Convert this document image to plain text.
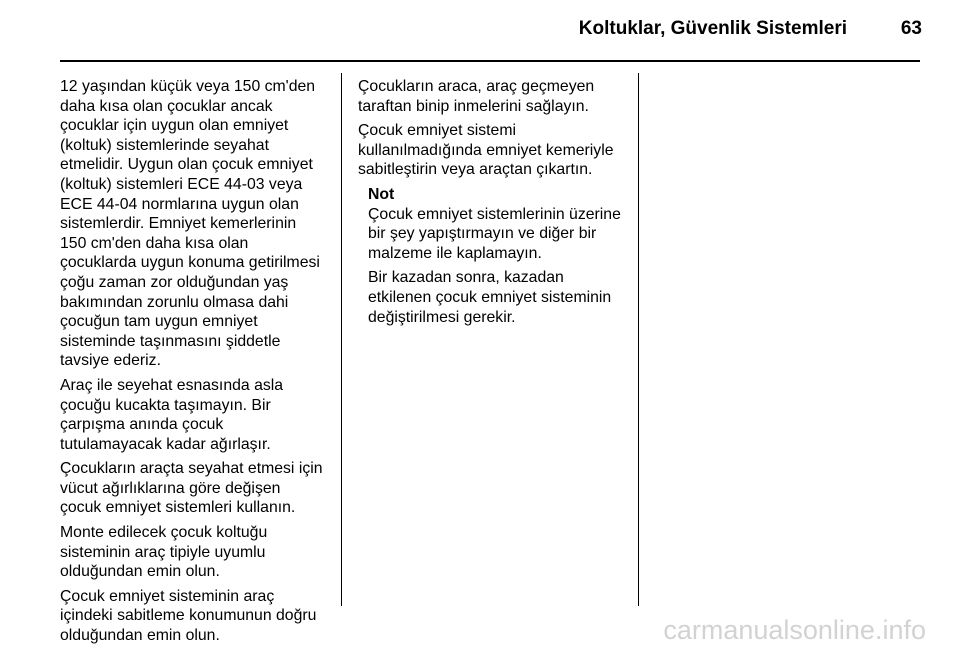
Koltuklar, Güvenlik Sistemleri	63

12 yaşından küçük veya 150 cm'den
daha kısa olan çocuklar ancak
çocuklar için uygun olan emniyet
(koltuk) sistemlerinde seyahat
etmelidir. Uygun olan çocuk emniyet
(koltuk) sistemleri ECE 44-03 veya
ECE 44-04 normlarına uygun olan
sistemlerdir. Emniyet kemerlerinin
150 cm'den daha kısa olan
çocuklarda uygun konuma getirilmesi
çoğu zaman zor olduğundan yaş
bakımından zorunlu olmasa dahi
çocuğun tam uygun emniyet
sisteminde taşınmasını şiddetle
tavsiye ederiz.

Araç ile seyehat esnasında asla
çocuğu kucakta taşımayın. Bir
çarpışma anında çocuk
tutulamayacak kadar ağırlaşır.

Çocukların araçta seyahat etmesi için
vücut ağırlıklarına göre değişen
çocuk emniyet sistemleri kullanın.

Monte edilecek çocuk koltuğu
sisteminin araç tipiyle uyumlu
olduğundan emin olun.

Çocuk emniyet sisteminin araç
içindeki sabitleme konumunun doğru
olduğundan emin olun.

Çocukların araca, araç geçmeyen
taraftan binip inmelerini sağlayın.

Çocuk emniyet sistemi
kullanılmadığında emniyet kemeriyle
sabitleştirin veya araçtan çıkartın.

Not

Çocuk emniyet sistemlerinin üzerine
bir şey yapıştırmayın ve diğer bir
malzeme ile kaplamayın.

Bir kazadan sonra, kazadan
etkilenen çocuk emniyet sisteminin
değiştirilmesi gerekir.

carmanualsonline.info
